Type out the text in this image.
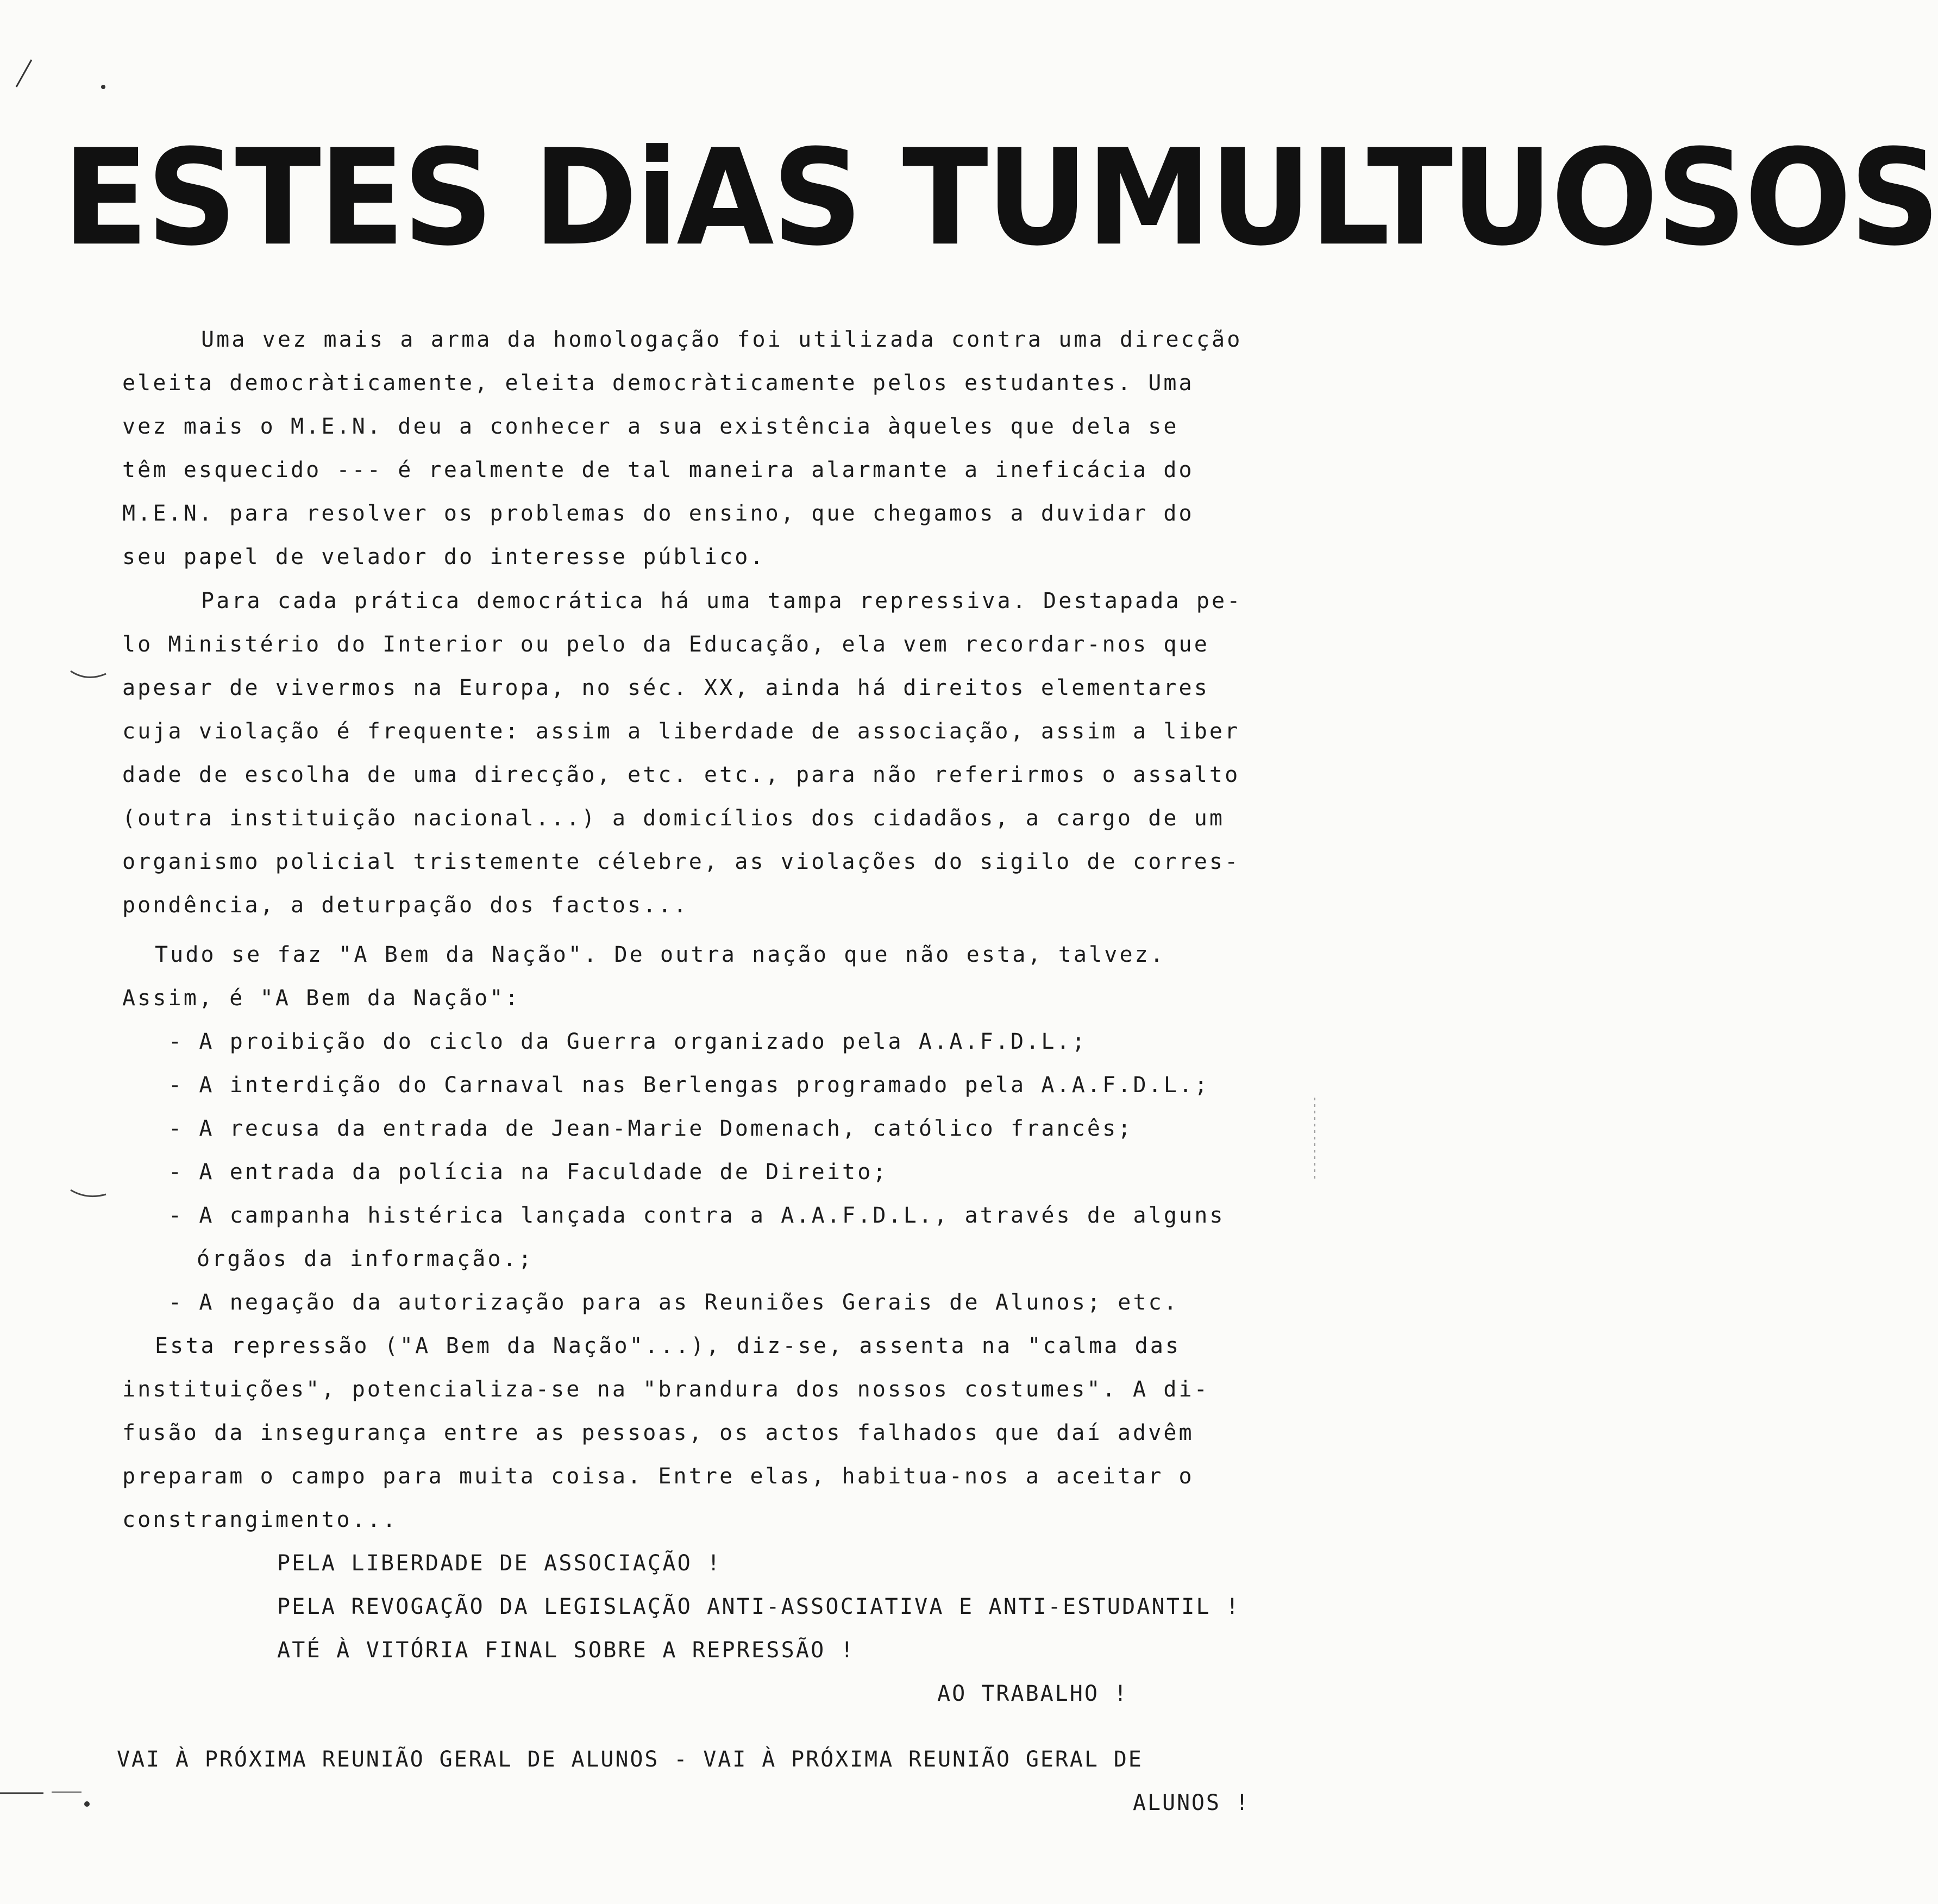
ESTES DiAS TUMULTUOSOS
Uma vez mais a arma da homologação foi utilizada contra uma direcção
eleita democràticamente, eleita democràticamente pelos estudantes. Uma
vez mais o M.E.N. deu a conhecer a sua existência àqueles que dela se
têm esquecido --- é realmente de tal maneira alarmante a ineficácia do
M.E.N. para resolver os problemas do ensino, que chegamos a duvidar do
seu papel de velador do interesse público.
Para cada prática democrática há uma tampa repressiva. Destapada pe-
lo Ministério do Interior ou pelo da Educação, ela vem recordar-nos que
apesar de vivermos na Europa, no séc. XX, ainda há direitos elementares
cuja violação é frequente: assim a liberdade de associação, assim a liber
dade de escolha de uma direcção, etc. etc., para não referirmos o assalto
(outra instituição nacional...) a domicílios dos cidadãos, a cargo de um
organismo policial tristemente célebre, as violações do sigilo de corres-
pondência, a deturpação dos factos...
Tudo se faz "A Bem da Nação". De outra nação que não esta, talvez.
Assim, é "A Bem da Nação":
- A proibição do ciclo da Guerra organizado pela A.A.F.D.L.;
- A interdição do Carnaval nas Berlengas programado pela A.A.F.D.L.;
- A recusa da entrada de Jean-Marie Domenach, católico francês;
- A entrada da polícia na Faculdade de Direito;
- A campanha histérica lançada contra a A.A.F.D.L., através de alguns
órgãos da informação.;
- A negação da autorização para as Reuniões Gerais de Alunos; etc.
Esta repressão ("A Bem da Nação"...), diz-se, assenta na "calma das
instituições", potencializa-se na "brandura dos nossos costumes". A di-
fusão da insegurança entre as pessoas, os actos falhados que daí advêm
preparam o campo para muita coisa. Entre elas, habitua-nos a aceitar o
constrangimento...
PELA LIBERDADE DE ASSOCIAÇÃO !
PELA REVOGAÇÃO DA LEGISLAÇÃO ANTI-ASSOCIATIVA E ANTI-ESTUDANTIL !
ATÉ À VITÓRIA FINAL SOBRE A REPRESSÃO !
AO TRABALHO !
VAI À PRÓXIMA REUNIÃO GERAL DE ALUNOS - VAI À PRÓXIMA REUNIÃO GERAL DE
ALUNOS !
